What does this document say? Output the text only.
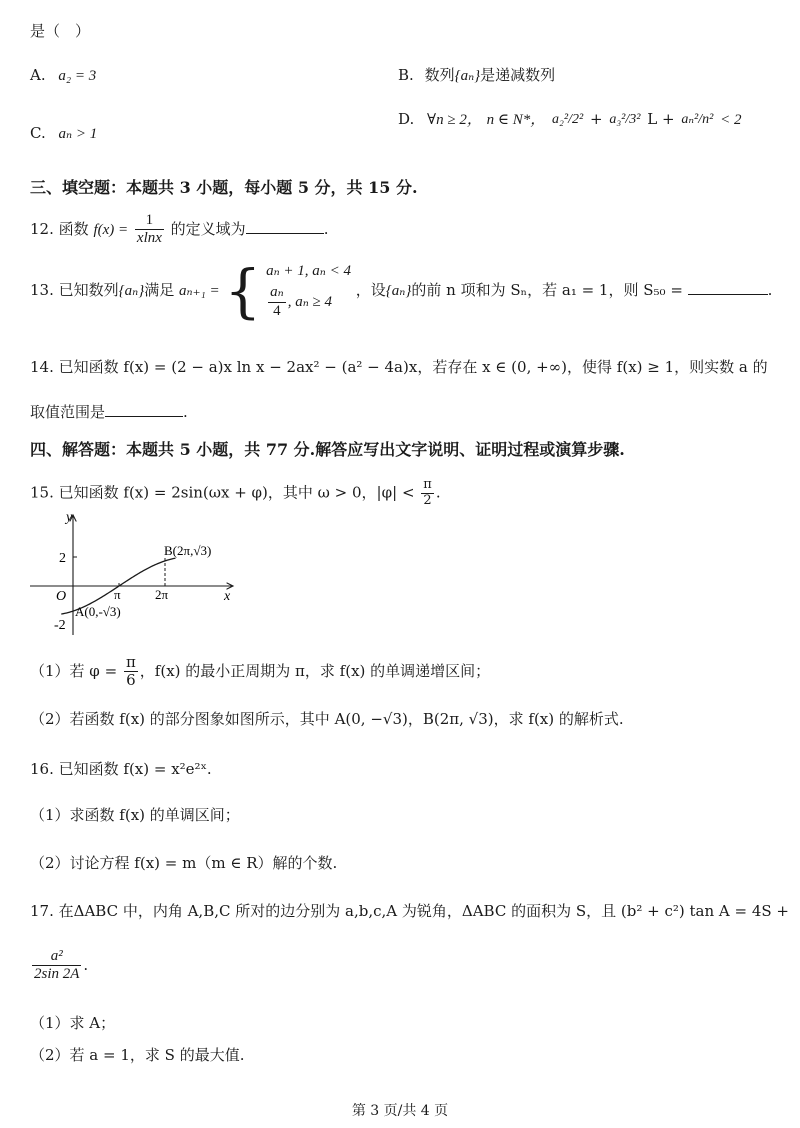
是（　）
A. a₂ = 3	B. 数列{aₙ}是递减数列
C. aₙ > 1
D. ∀n ≥ 2， n ∈ N*， a₂²/2² + a₃²/3² L + aₙ²/n² < 2
三、填空题：本题共 3 小题，每小题 5 分，共 15 分.
12. 函数 $f(x) = \frac{1}{xlnx}$ 的定义域为	.
13. 已知数列{aₙ}满足 aₙ₊₁ = { aₙ + 1, aₙ < 4
$\frac{\text{aₙ}}{4}$ , aₙ ≥ 4
，设{aₙ}的前 n 项和为 Sₙ，若 a₁ = 1，则 S₅₀ =	.
14. 已知函数 f(x) = (2 − a)x ln x − 2ax² − (a² − 4a)x，若存在 x ∈ (0, +∞)，使得 f(x) ≥ 1，则实数 a 的
取值范围是	.
四、解答题：本题共 5 小题，共 77 分.解答应写出文字说明、证明过程或演算步骤.
15. 已知函数 f(x) = 2sin(ωx + φ)，其中 ω > 0，$|\varphi| < \frac{\pi}{2}$ .
y
x
O
2
-2
π	2π
A(0,-√3)
B(2π,√3)
（1）若 $\varphi = \frac{\pi}{6}$ ，f(x) 的最小正周期为 π，求 f(x) 的单调递增区间；
（2）若函数 f(x) 的部分图象如图所示，其中 A(0, −√3)，B(2π, √3)，求 f(x) 的解析式.
16. 已知函数 f(x) = x²e²ˣ.
（1）求函数 f(x) 的单调区间；
（2）讨论方程 f(x) = m（m ∈ R）解的个数.
17. 在ΔABC 中，内角 A,B,C 所对的边分别为 a,b,c,A 为锐角，ΔABC 的面积为 S，且 (b² + c²) tan A = 4S +
$\frac{\text{a²}}{2\sin 2A}$ .
（1）求 A；
（2）若 a = 1，求 S 的最大值.
第 3 页/共 4 页
